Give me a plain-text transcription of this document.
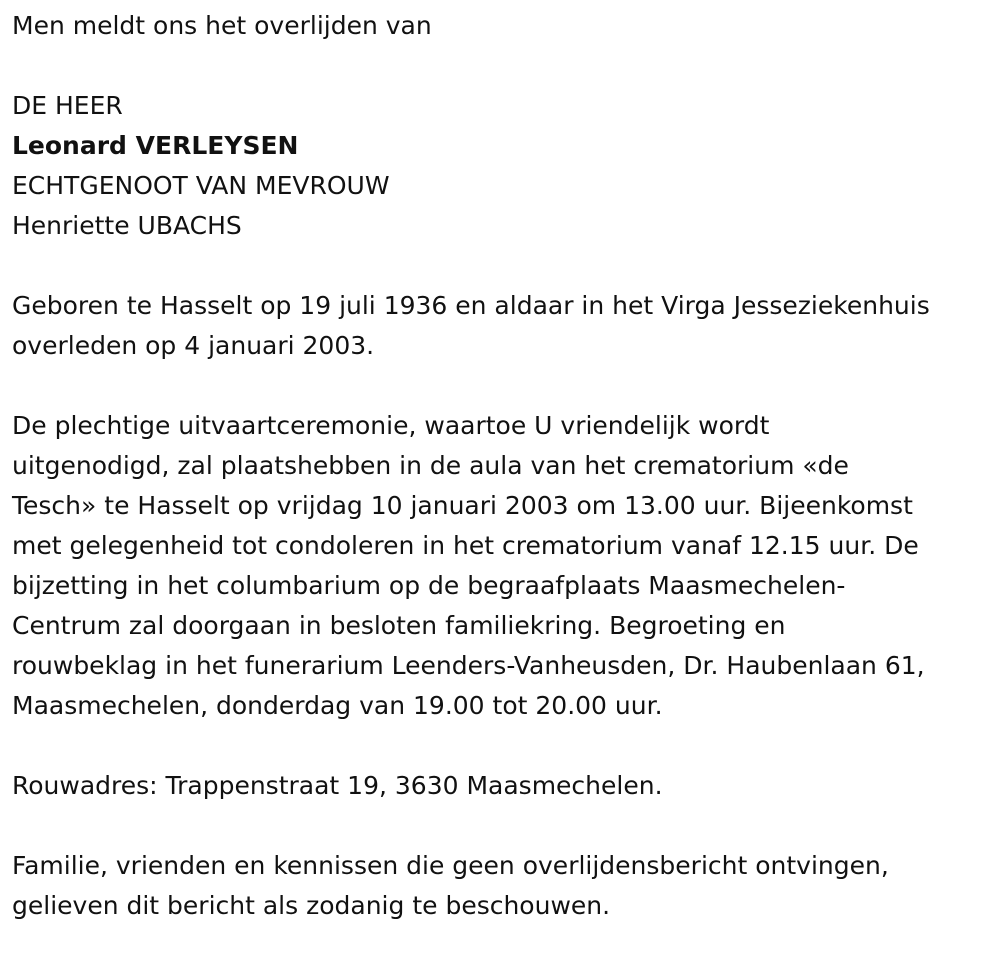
Men meldt ons het overlijden van

DE HEER

Leonard VERLEYSEN

ECHTGENOOT VAN MEVROUW

Henriette UBACHS

Geboren te Hasselt op 19 juli 1936 en aldaar in het Virga Jesseziekenhuis

overleden op 4 januari 2003.

De plechtige uitvaartceremonie, waartoe U vriendelijk wordt

uitgenodigd, zal plaatshebben in de aula van het crematorium «de

Tesch» te Hasselt op vrijdag 10 januari 2003 om 13.00 uur. Bijeenkomst

met gelegenheid tot condoleren in het crematorium vanaf 12.15 uur. De

bijzetting in het columbarium op de begraafplaats Maasmechelen-

Centrum zal doorgaan in besloten familiekring. Begroeting en

rouwbeklag in het funerarium Leenders-Vanheusden, Dr. Haubenlaan 61,

Maasmechelen, donderdag van 19.00 tot 20.00 uur.

Rouwadres: Trappenstraat 19, 3630 Maasmechelen.

Familie, vrienden en kennissen die geen overlijdensbericht ontvingen,

gelieven dit bericht als zodanig te beschouwen.
